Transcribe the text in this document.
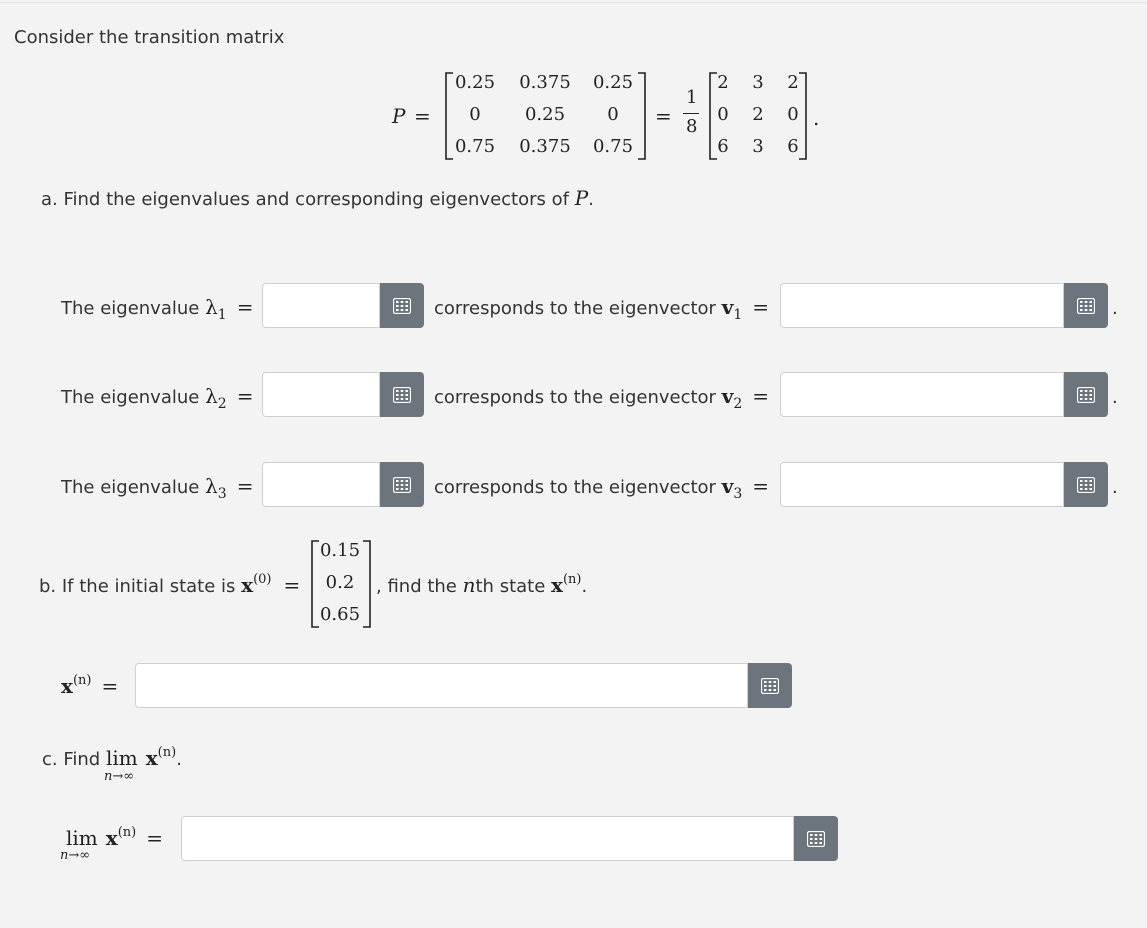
Consider the transition matrix
P =
0.25 0.375 0.25
0	0.25	0
0.75 0.375 0.75
=
1
8
2 3 2
0 2 0
6 3 6
.
a. Find the eigenvalues and corresponding eigenvectors of P.
The eigenvalue $\lambda_1$ =	corresponds to the eigenvector $v_1$ =	.
The eigenvalue $\lambda_2$ =	corresponds to the eigenvector $v_2$ =	.
The eigenvalue $\lambda_3$ =	corresponds to the eigenvector $v_3$ =	.
b. If the initial state is $x^{(0)}$ =
0.15
0.2
0.65
, find the nth state $x^{(n)}$.
$x^{(n)}$ =
c. Find $\lim x^{(n)}$.
n→∞
$\lim x^{(n)}$ =
n→∞
